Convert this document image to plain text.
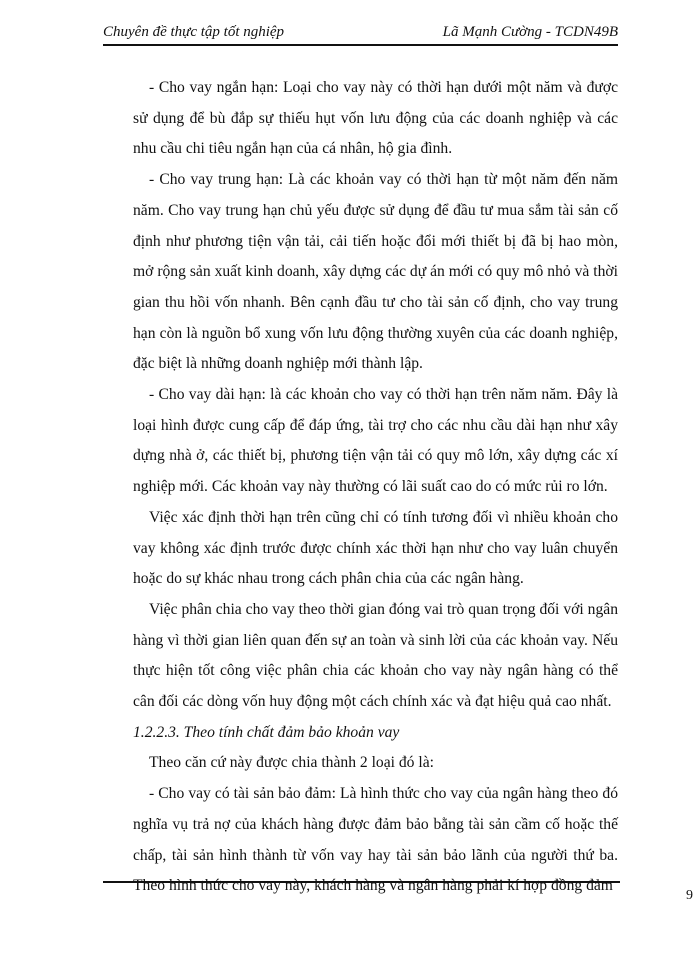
Chuyên đề thực tập tốt nghiệp	Lã Mạnh Cường - TCDN49B

- Cho vay ngắn hạn: Loại cho vay này có thời hạn dưới một năm và được sử dụng để bù đắp sự thiếu hụt vốn lưu động của các doanh nghiệp và các nhu cầu chi tiêu ngắn hạn của cá nhân, hộ gia đình.

- Cho vay trung hạn: Là các khoản vay có thời hạn từ một năm đến năm năm. Cho vay trung hạn chủ yếu được sử dụng để đầu tư mua sắm tài sản cố định như phương tiện vận tải, cải tiến hoặc đổi mới thiết bị đã bị hao mòn, mở rộng sản xuất kinh doanh, xây dựng các dự án mới có quy mô nhỏ và thời gian thu hồi vốn nhanh. Bên cạnh đầu tư cho tài sản cố định, cho vay trung hạn còn là nguồn bổ xung vốn lưu động thường xuyên của các doanh nghiệp, đặc biệt là những doanh nghiệp mới thành lập.

- Cho vay dài hạn: là các khoản cho vay có thời hạn trên năm năm. Đây là loại hình được cung cấp để đáp ứng, tài trợ cho các nhu cầu dài hạn như xây dựng nhà ở, các thiết bị, phương tiện vận tải có quy mô lớn, xây dựng các xí nghiệp mới. Các khoản vay này thường có lãi suất cao do có mức rủi ro lớn.

Việc xác định thời hạn trên cũng chỉ có tính tương đối vì nhiều khoản cho vay không xác định trước được chính xác thời hạn như cho vay luân chuyển hoặc do sự khác nhau trong cách phân chia của các ngân hàng.

Việc phân chia cho vay theo thời gian đóng vai trò quan trọng đối với ngân hàng vì thời gian liên quan đến sự an toàn và sinh lời của các khoản vay. Nếu thực hiện tốt công việc phân chia các khoản cho vay này ngân hàng có thể cân đối các dòng vốn huy động một cách chính xác và đạt hiệu quả cao nhất.

1.2.2.3. Theo tính chất đảm bảo khoản vay

Theo căn cứ này được chia thành 2 loại đó là:

- Cho vay có tài sản bảo đảm: Là hình thức cho vay của ngân hàng theo đó nghĩa vụ trả nợ của khách hàng được đảm bảo bằng tài sản cầm cố hoặc thế chấp, tài sản hình thành từ vốn vay hay tài sản bảo lãnh của người thứ ba. Theo hình thức cho vay này, khách hàng và ngân hàng phải kí hợp đồng đảm

9
